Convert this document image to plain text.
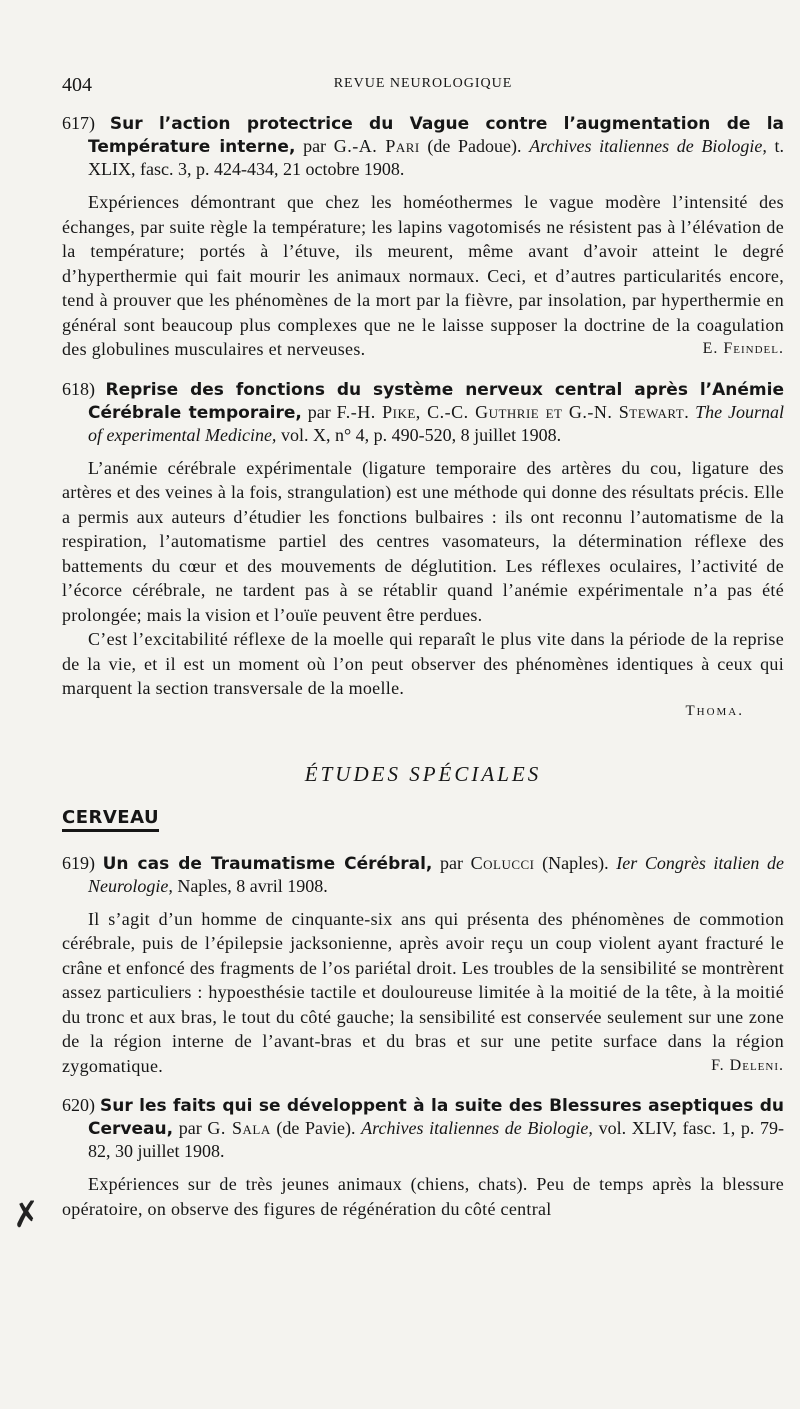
✗
404	REVUE NEUROLOGIQUE
617) Sur l’action protectrice du Vague contre l’augmentation de la Température interne, par G.-A. Pari (de Padoue). Archives italiennes de Biologie, t. XLIX, fasc. 3, p. 424-434, 21 octobre 1908.

Expériences démontrant que chez les homéothermes le vague modère l’intensité des échanges, par suite règle la température; les lapins vagotomisés ne résistent pas à l’élévation de la température; portés à l’étuve, ils meurent, même avant d’avoir atteint le degré d’hyperthermie qui fait mourir les animaux normaux. Ceci, et d’autres particularités encore, tend à prouver que les phénomènes de la mort par la fièvre, par insolation, par hyperthermie en général sont beaucoup plus complexes que ne le laisse supposer la doctrine de la coagulation des globulines musculaires et nerveuses.	E. Feindel.

618) Reprise des fonctions du système nerveux central après l’Anémie Cérébrale temporaire, par F.-H. Pike, C.-C. Guthrie et G.-N. Stewart. The Journal of experimental Medicine, vol. X, n° 4, p. 490-520, 8 juillet 1908.

L’anémie cérébrale expérimentale (ligature temporaire des artères du cou, ligature des artères et des veines à la fois, strangulation) est une méthode qui donne des résultats précis. Elle a permis aux auteurs d’étudier les fonctions bulbaires : ils ont reconnu l’automatisme de la respiration, l’automatisme partiel des centres vasomateurs, la détermination réflexe des battements du cœur et des mouvements de déglutition. Les réflexes oculaires, l’activité de l’écorce cérébrale, ne tardent pas à se rétablir quand l’anémie expérimentale n’a pas été prolongée; mais la vision et l’ouïe peuvent être perdues.

C’est l’excitabilité réflexe de la moelle qui reparaît le plus vite dans la période de la reprise de la vie, et il est un moment où l’on peut observer des phénomènes identiques à ceux qui marquent la section transversale de la moelle.

Thoma.
ÉTUDES SPÉCIALES
CERVEAU
619) Un cas de Traumatisme Cérébral, par Colucci (Naples). Ier Congrès italien de Neurologie, Naples, 8 avril 1908.

Il s’agit d’un homme de cinquante-six ans qui présenta des phénomènes de commotion cérébrale, puis de l’épilepsie jacksonienne, après avoir reçu un coup violent ayant fracturé le crâne et enfoncé des fragments de l’os pariétal droit. Les troubles de la sensibilité se montrèrent assez particuliers : hypoesthésie tactile et douloureuse limitée à la moitié de la tête, à la moitié du tronc et aux bras, le tout du côté gauche; la sensibilité est conservée seulement sur une zone de la région interne de l’avant-bras et du bras et sur une petite surface dans la région zygomatique.	F. Deleni.

620) Sur les faits qui se développent à la suite des Blessures aseptiques du Cerveau, par G. Sala (de Pavie). Archives italiennes de Biologie, vol. XLIV, fasc. 1, p. 79-82, 30 juillet 1908.

Expériences sur de très jeunes animaux (chiens, chats). Peu de temps après la blessure opératoire, on observe des figures de régénération du côté central
